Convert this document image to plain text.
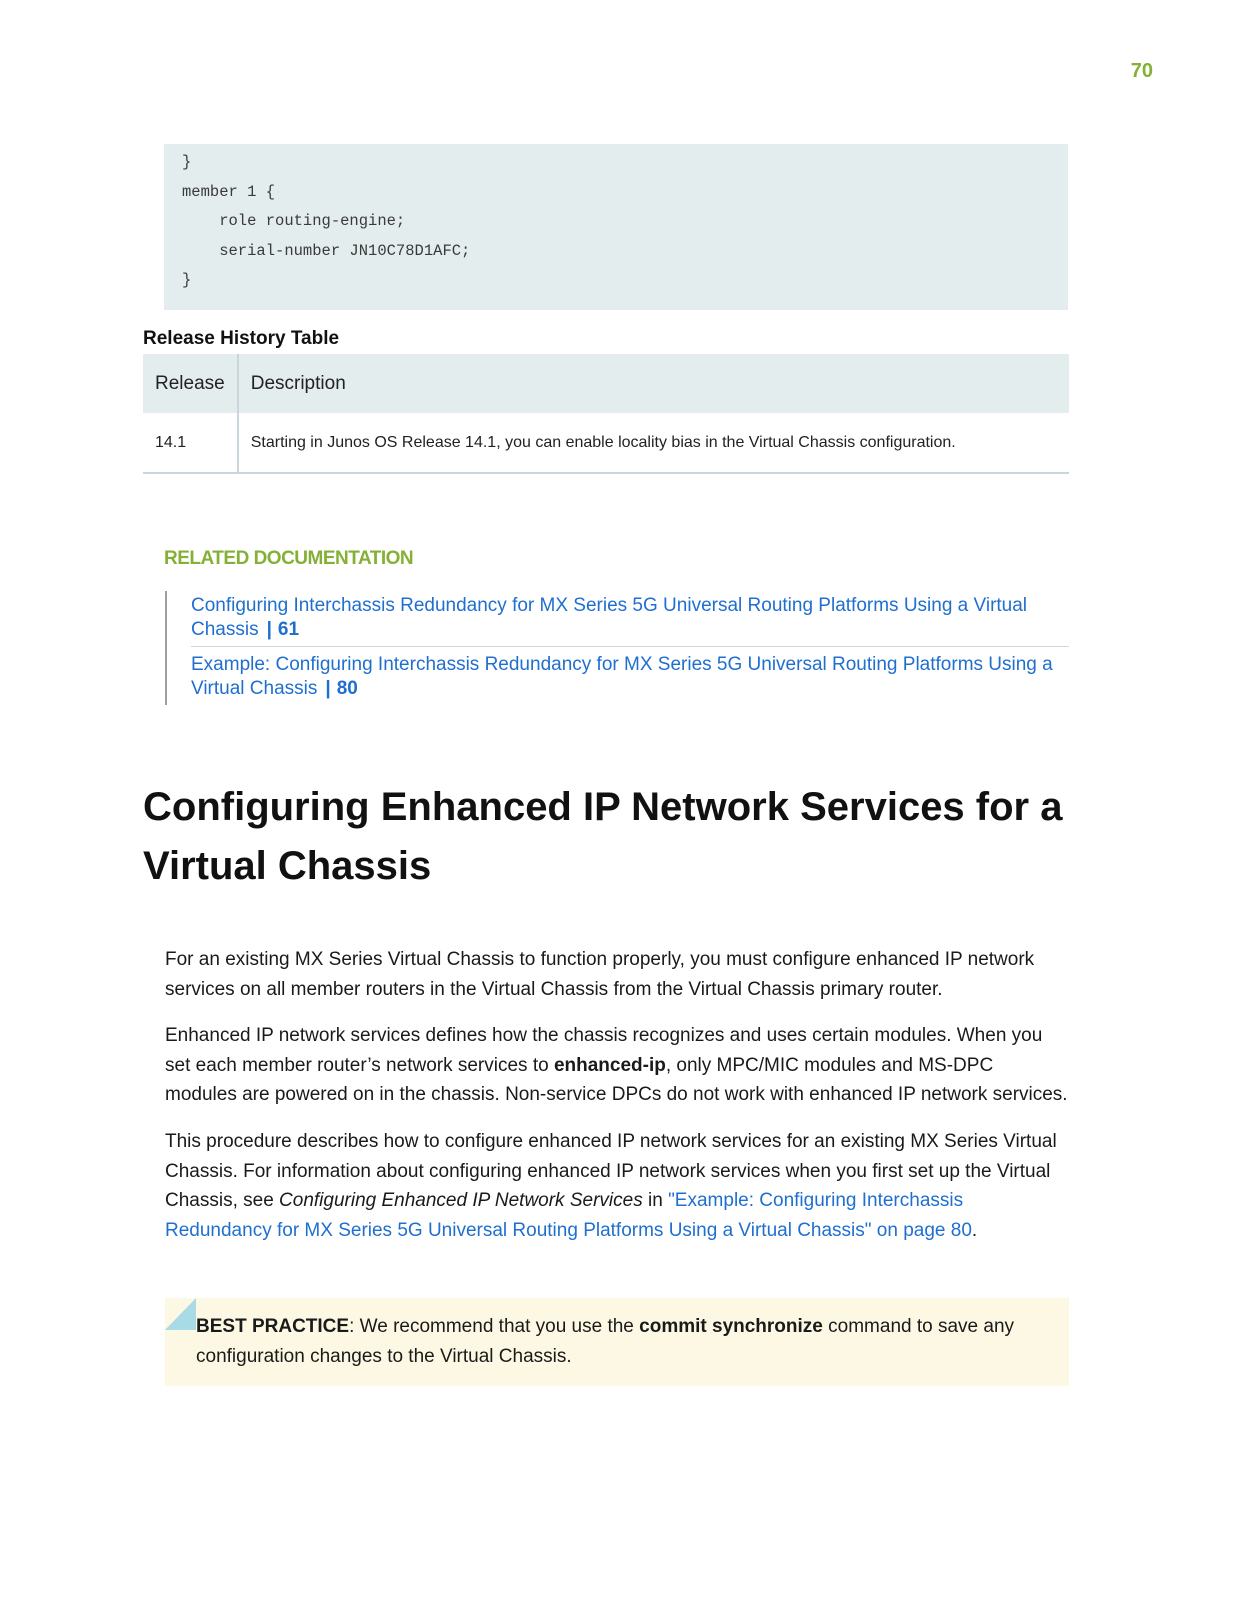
70
}
member 1 {
role routing-engine;
serial-number JN10C78D1AFC;
}
Release History Table
Release	Description
14.1	Starting in Junos OS Release 14.1, you can enable locality bias in the Virtual Chassis configuration.
RELATED DOCUMENTATION
Configuring Interchassis Redundancy for MX Series 5G Universal Routing Platforms Using a Virtual Chassis | 61
Example: Configuring Interchassis Redundancy for MX Series 5G Universal Routing Platforms Using a Virtual Chassis | 80
Configuring Enhanced IP Network Services for a Virtual Chassis

For an existing MX Series Virtual Chassis to function properly, you must configure enhanced IP network services on all member routers in the Virtual Chassis from the Virtual Chassis primary router.

Enhanced IP network services defines how the chassis recognizes and uses certain modules. When you set each member router’s network services to enhanced-ip, only MPC/MIC modules and MS-DPC modules are powered on in the chassis. Non-service DPCs do not work with enhanced IP network services.

This procedure describes how to configure enhanced IP network services for an existing MX Series Virtual Chassis. For information about configuring enhanced IP network services when you first set up the Virtual Chassis, see Configuring Enhanced IP Network Services in "Example: Configuring Interchassis Redundancy for MX Series 5G Universal Routing Platforms Using a Virtual Chassis" on page 80.

BEST PRACTICE: We recommend that you use the commit synchronize command to save any configuration changes to the Virtual Chassis.
